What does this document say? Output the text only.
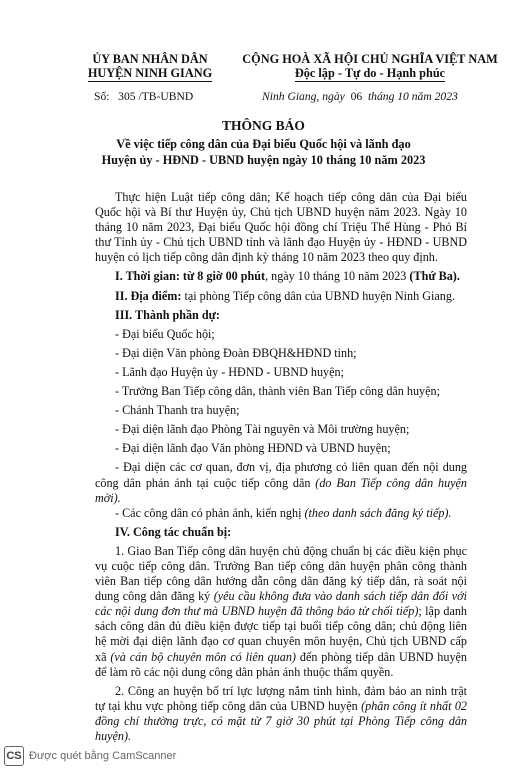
ỦY BAN NHÂN DÂN
HUYỆN NINH GIANG
CỘNG HOÀ XÃ HỘI CHỦ NGHĨA VIỆT NAM
Độc lập - Tự do - Hạnh phúc
Số: 305 /TB-UBND	Ninh Giang, ngày 06 tháng 10 năm 2023
THÔNG BÁO
Về việc tiếp công dân của Đại biểu Quốc hội và lãnh đạo
Huyện ủy - HĐND - UBND huyện ngày 10 tháng 10 năm 2023

Thực hiện Luật tiếp công dân; Kế hoạch tiếp công dân của Đại biểu Quốc hội và Bí thư Huyện ủy, Chủ tịch UBND huyện năm 2023. Ngày 10 tháng 10 năm 2023, Đại biểu Quốc hội đồng chí Triệu Thế Hùng - Phó Bí thư Tỉnh ủy - Chủ tịch UBND tỉnh và lãnh đạo Huyện ủy - HĐND - UBND huyện có lịch tiếp công dân định kỳ tháng 10 năm 2023 theo quy định.

I. Thời gian: từ 8 giờ 00 phút, ngày 10 tháng 10 năm 2023 (Thứ Ba).

II. Địa điểm: tại phòng Tiếp công dân của UBND huyện Ninh Giang.

III. Thành phần dự:

- Đại biểu Quốc hội;

- Đại diện Văn phòng Đoàn ĐBQH&HĐND tỉnh;

- Lãnh đạo Huyện ủy - HĐND - UBND huyện;

- Trưởng Ban Tiếp công dân, thành viên Ban Tiếp công dân huyện;

- Chánh Thanh tra huyện;

- Đại diện lãnh đạo Phòng Tài nguyên và Môi trường huyện;

- Đại diện lãnh đạo Văn phòng HĐND và UBND huyện;

- Đại diện các cơ quan, đơn vị, địa phương có liên quan đến nội dung công dân phản ánh tại cuộc tiếp công dân (do Ban Tiếp công dân huyện mời).

- Các công dân có phản ánh, kiến nghị (theo danh sách đăng ký tiếp).

IV. Công tác chuẩn bị:

1. Giao Ban Tiếp công dân huyện chủ động chuẩn bị các điều kiện phục vụ cuộc tiếp công dân. Trưởng Ban tiếp công dân huyện phân công thành viên Ban tiếp công dân hướng dẫn công dân đăng ký tiếp dân, rà soát nội dung công dân đăng ký (yêu cầu không đưa vào danh sách tiếp dân đối với các nội dung đơn thư mà UBND huyện đã thông báo từ chối tiếp); lập danh sách công dân đủ điều kiện được tiếp tại buổi tiếp công dân; chủ động liên hệ mời đại diện lãnh đạo cơ quan chuyên môn huyện, Chủ tịch UBND cấp xã (và cán bộ chuyên môn có liên quan) đến phòng tiếp dân UBND huyện để làm rõ các nội dung công dân phản ánh thuộc thẩm quyền.

2. Công an huyện bố trí lực lượng nắm tình hình, đảm bảo an ninh trật tự tại khu vực phòng tiếp công dân của UBND huyện (phân công ít nhất 02 đồng chí thường trực, có mặt từ 7 giờ 30 phút tại Phòng Tiếp công dân huyện).

CS Được quét bằng CamScanner
